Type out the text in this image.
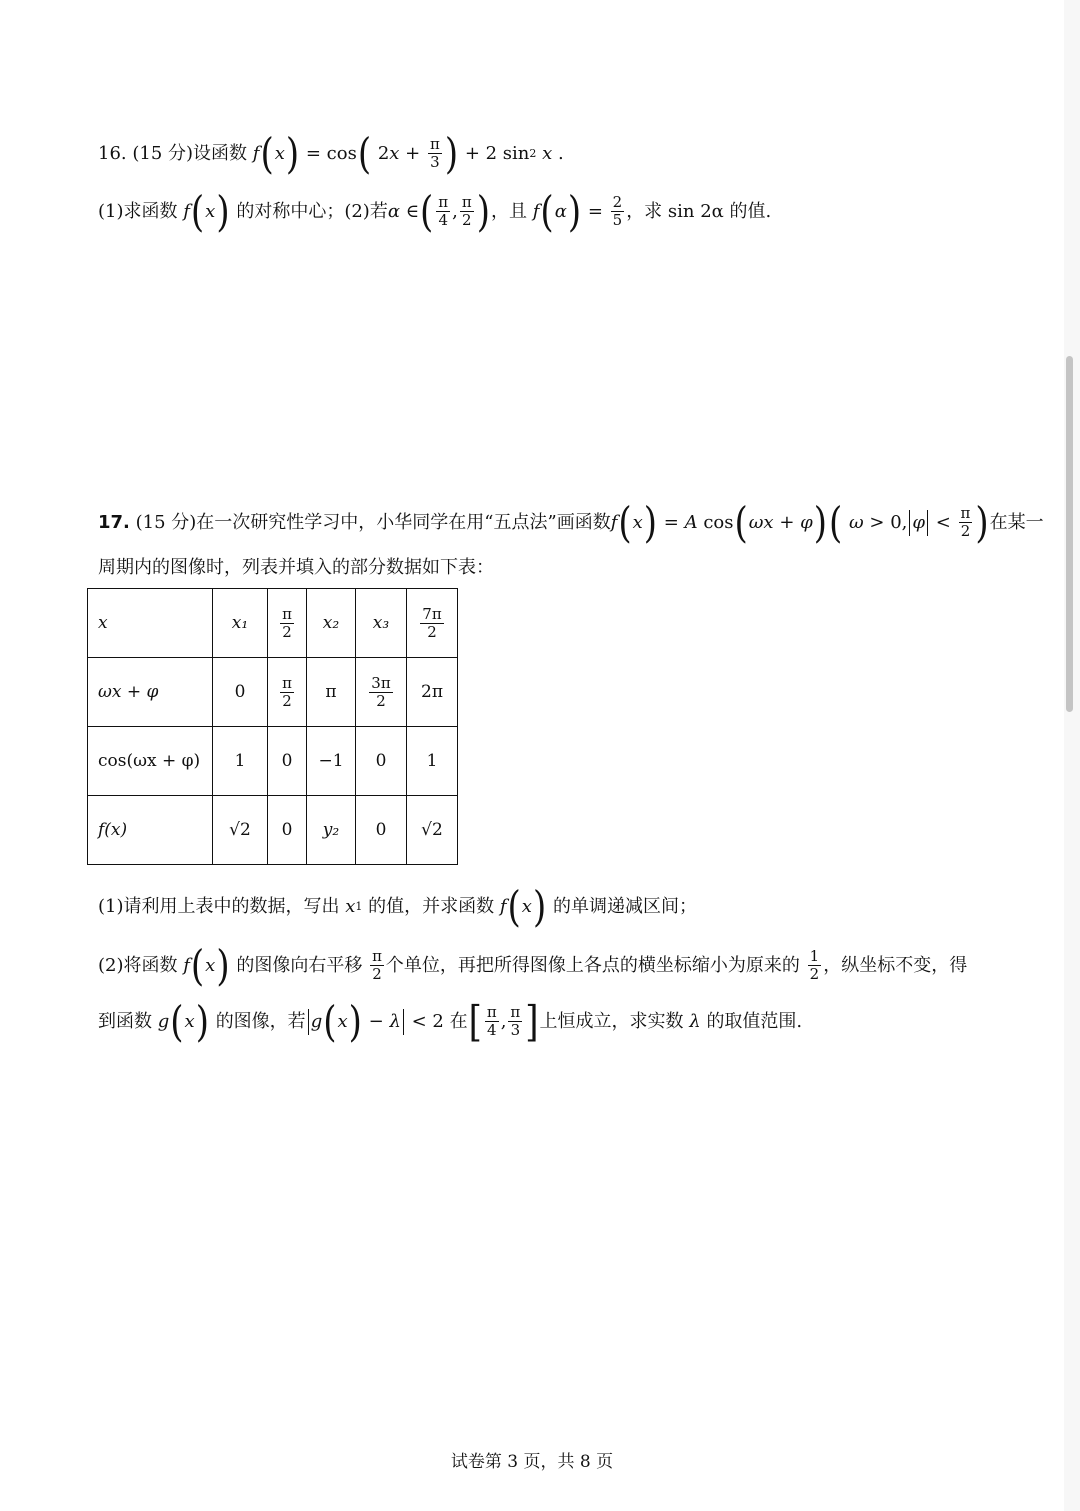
16.
(15 分) 设函数
f ( x ) = cos ( 2 $x + \frac{\pi}{3}$ ) + 2 sin 2
x .
(1)求函数
f ( x )
的对称中心； (2)若 α ∈ ( $\frac{\pi}{4}$ , $\frac{\pi}{2}$ ) ，且
f ( α ) = $\frac{2}{5}$ ，求 sin 2α 的值.
17.
(15 分) 在一次研究性学习中，小华同学在用“五点法”画函数 f ( x ) = A cos ( ωx + φ ) (
ω > 0, $\varphi < \frac{\pi}{2}$ ) 在某一
周期内的图像时，列表并填入的部分数据如下表：
x	x₁	$\frac{\pi}{2}$	x₂	x₃	$\frac{7\pi}{2}$

ωx + φ	0	$\frac{\pi}{2}$	π	$\frac{3\pi}{2}$	2π
cos(ωx + φ)	1	0	−1	0	1
f(x)	√2	0	y₂	0	√2
(1)请利用上表中的数据，写出
x 1
的值，并求函数
f ( x )
的单调递减区间；
(2)将函数
f ( x )
的图像向右平移
$\frac{\pi}{2}$ 个单位，再把所得图像上各点的横坐标缩小为原来的
$\frac{1}{2}$ ，纵坐标不变，得
到函数
g ( x )
的图像，若 g ( x ) − λ < 2 在 [ $\frac{\pi}{4}$ , $\frac{\pi}{3}$ ] 上恒成立，求实数
λ
的取值范围.
试卷第 3 页，共 8 页
